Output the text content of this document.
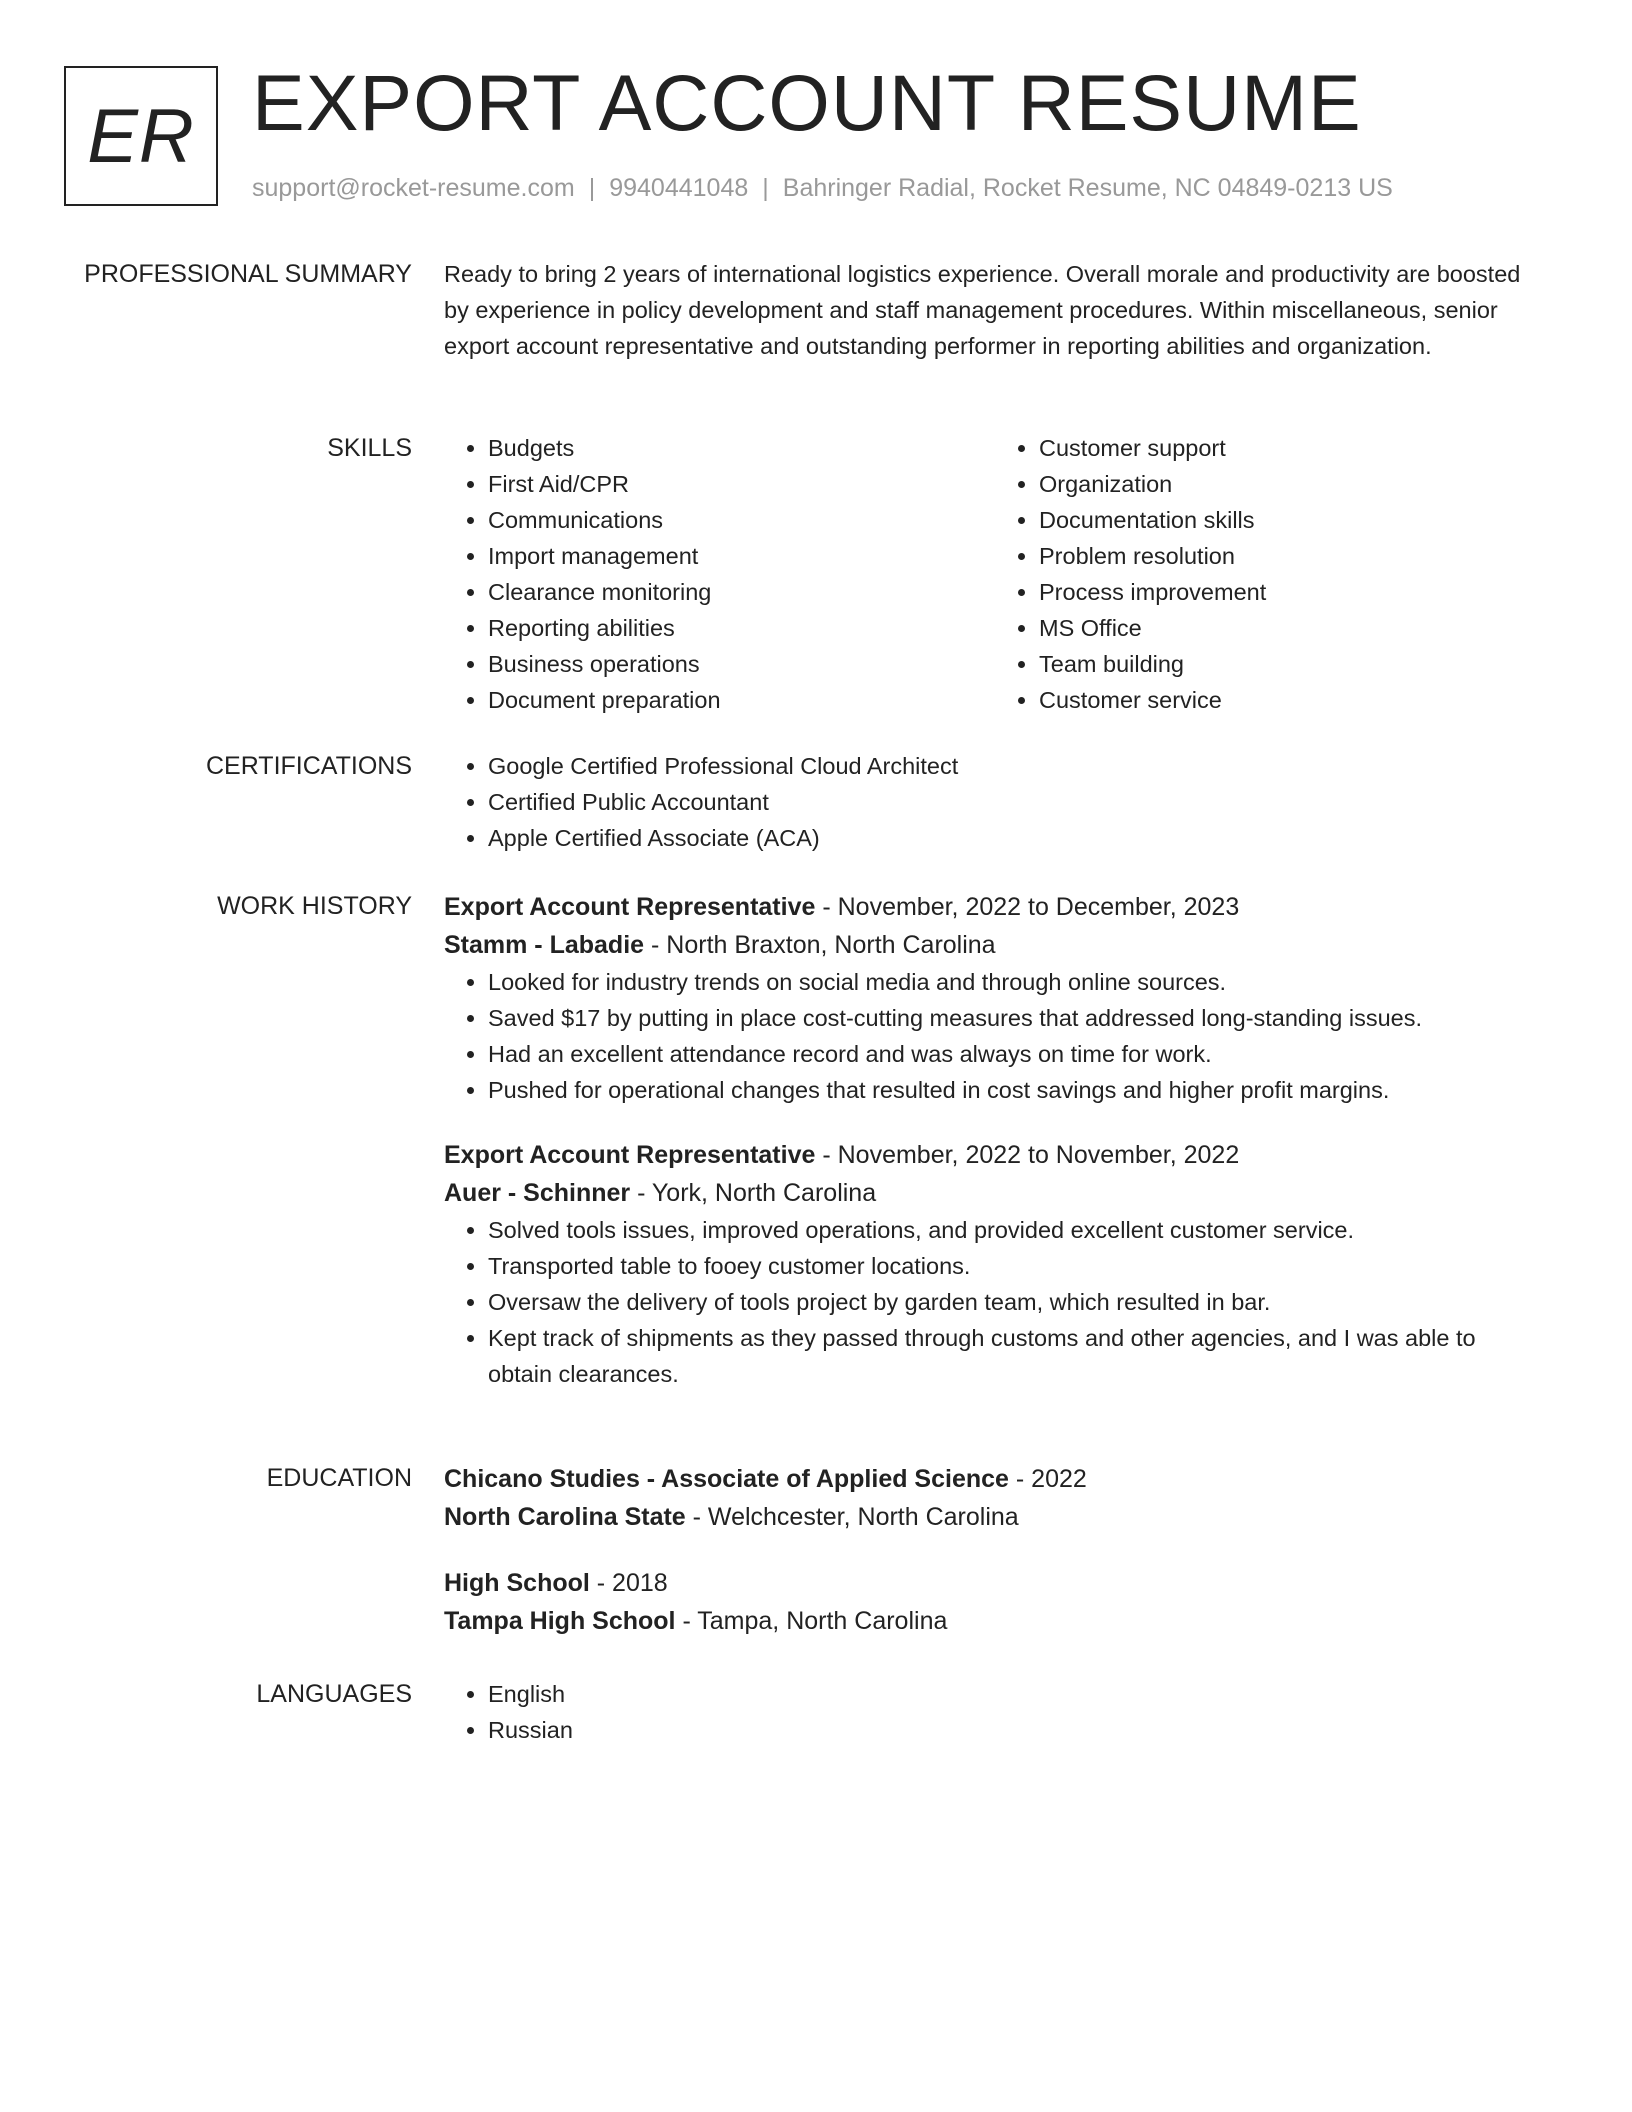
ER EXPORT ACCOUNT RESUME
support@rocket-resume.com | 9940441048 | Bahringer Radial, Rocket Resume, NC 04849-0213 US
PROFESSIONAL SUMMARY Ready to bring 2 years of international logistics experience. Overall morale and productivity are boosted by experience in policy development and staff management procedures. Within miscellaneous, senior export account representative and outstanding performer in reporting abilities and organization.
SKILLS	• Budgets
• First Aid/CPR
• Communications
• Import management
• Clearance monitoring
• Reporting abilities
• Business operations
• Document preparation
• Customer support
• Organization
• Documentation skills
• Problem resolution
• Process improvement
• MS Office
• Team building
• Customer service
CERTIFICATIONS	• Google Certified Professional Cloud Architect
• Certified Public Accountant
• Apple Certified Associate (ACA)
WORK HISTORY Export Account Representative - November, 2022 to December, 2023
Stamm - Labadie - North Braxton, North Carolina
• Looked for industry trends on social media and through online sources.
• Saved $17 by putting in place cost-cutting measures that addressed long-standing issues.
• Had an excellent attendance record and was always on time for work.
• Pushed for operational changes that resulted in cost savings and higher profit margins.
Export Account Representative - November, 2022 to November, 2022
Auer - Schinner - York, North Carolina
• Solved tools issues, improved operations, and provided excellent customer service.
• Transported table to fooey customer locations.
• Oversaw the delivery of tools project by garden team, which resulted in bar.
• Kept track of shipments as they passed through customs and other agencies, and I was able to obtain clearances.
EDUCATION Chicano Studies - Associate of Applied Science - 2022
North Carolina State - Welchcester, North Carolina
High School - 2018
Tampa High School - Tampa, North Carolina
LANGUAGES	• English
• Russian
